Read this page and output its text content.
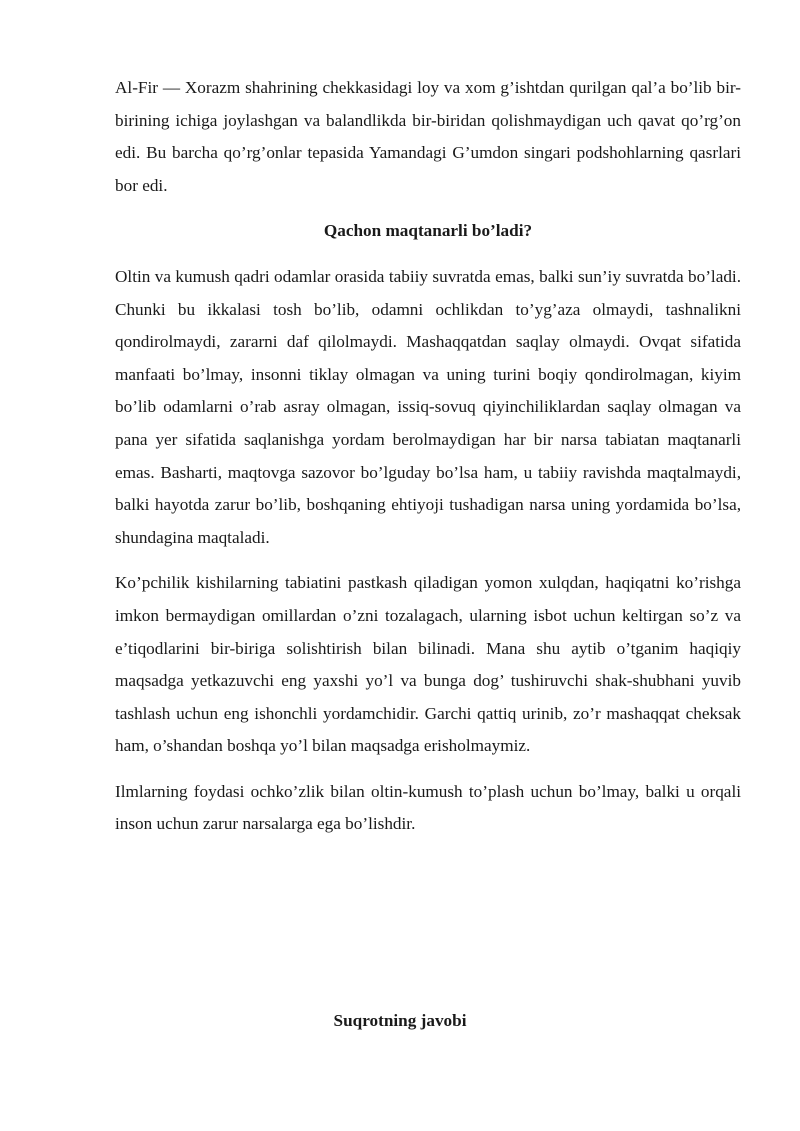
Al-Fir — Xorazm shahrining chekkasidagi loy va xom g’ishtdan qurilgan qal’a bo’lib bir-birining ichiga joylashgan va balandlikda bir-biridan qolishmaydigan uch qavat qo’rg’on edi. Bu barcha qo’rg’onlar tepasida Yamandagi G’umdon singari podshohlarning qasrlari bor edi.

Qachon maqtanarli bo’ladi?

Oltin va kumush qadri odamlar orasida tabiiy suvratda emas, balki sun’iy suvratda bo’ladi. Chunki bu ikkalasi tosh bo’lib, odamni ochlikdan to’yg’aza olmaydi, tashnalikni qondirolmaydi, zararni daf qilolmaydi. Mashaqqatdan saqlay olmaydi. Ovqat sifatida manfaati bo’lmay, insonni tiklay olmagan va uning turini boqiy qondirolmagan, kiyim bo’lib odamlarni o’rab asray olmagan, issiq-sovuq qiyinchiliklardan saqlay olmagan va pana yer sifatida saqlanishga yordam berolmaydigan har bir narsa tabiatan maqtanarli emas. Basharti, maqtovga sazovor bo’lguday bo’lsa ham, u tabiiy ravishda maqtalmaydi, balki hayotda zarur bo’lib, boshqaning ehtiyoji tushadigan narsa uning yordamida bo’lsa, shundagina maqtaladi.

Ko’pchilik kishilarning tabiatini pastkash qiladigan yomon xulqdan, haqiqatni ko’rishga imkon bermaydigan omillardan o’zni tozalagach, ularning isbot uchun keltirgan so’z va e’tiqodlarini bir-biriga solishtirish bilan bilinadi. Mana shu aytib o’tganim haqiqiy maqsadga yetkazuvchi eng yaxshi yo’l va bunga dog’ tushiruvchi shak-shubhani yuvib tashlash uchun eng ishonchli yordamchidir. Garchi qattiq urinib, zo’r mashaqqat cheksak ham, o’shandan boshqa yo’l bilan maqsadga erisholmaymiz.

Ilmlarning foydasi ochko’zlik bilan oltin-kumush to’plash uchun bo’lmay, balki u orqali inson uchun zarur narsalarga ega bo’lishdir.

Suqrotning javobi
